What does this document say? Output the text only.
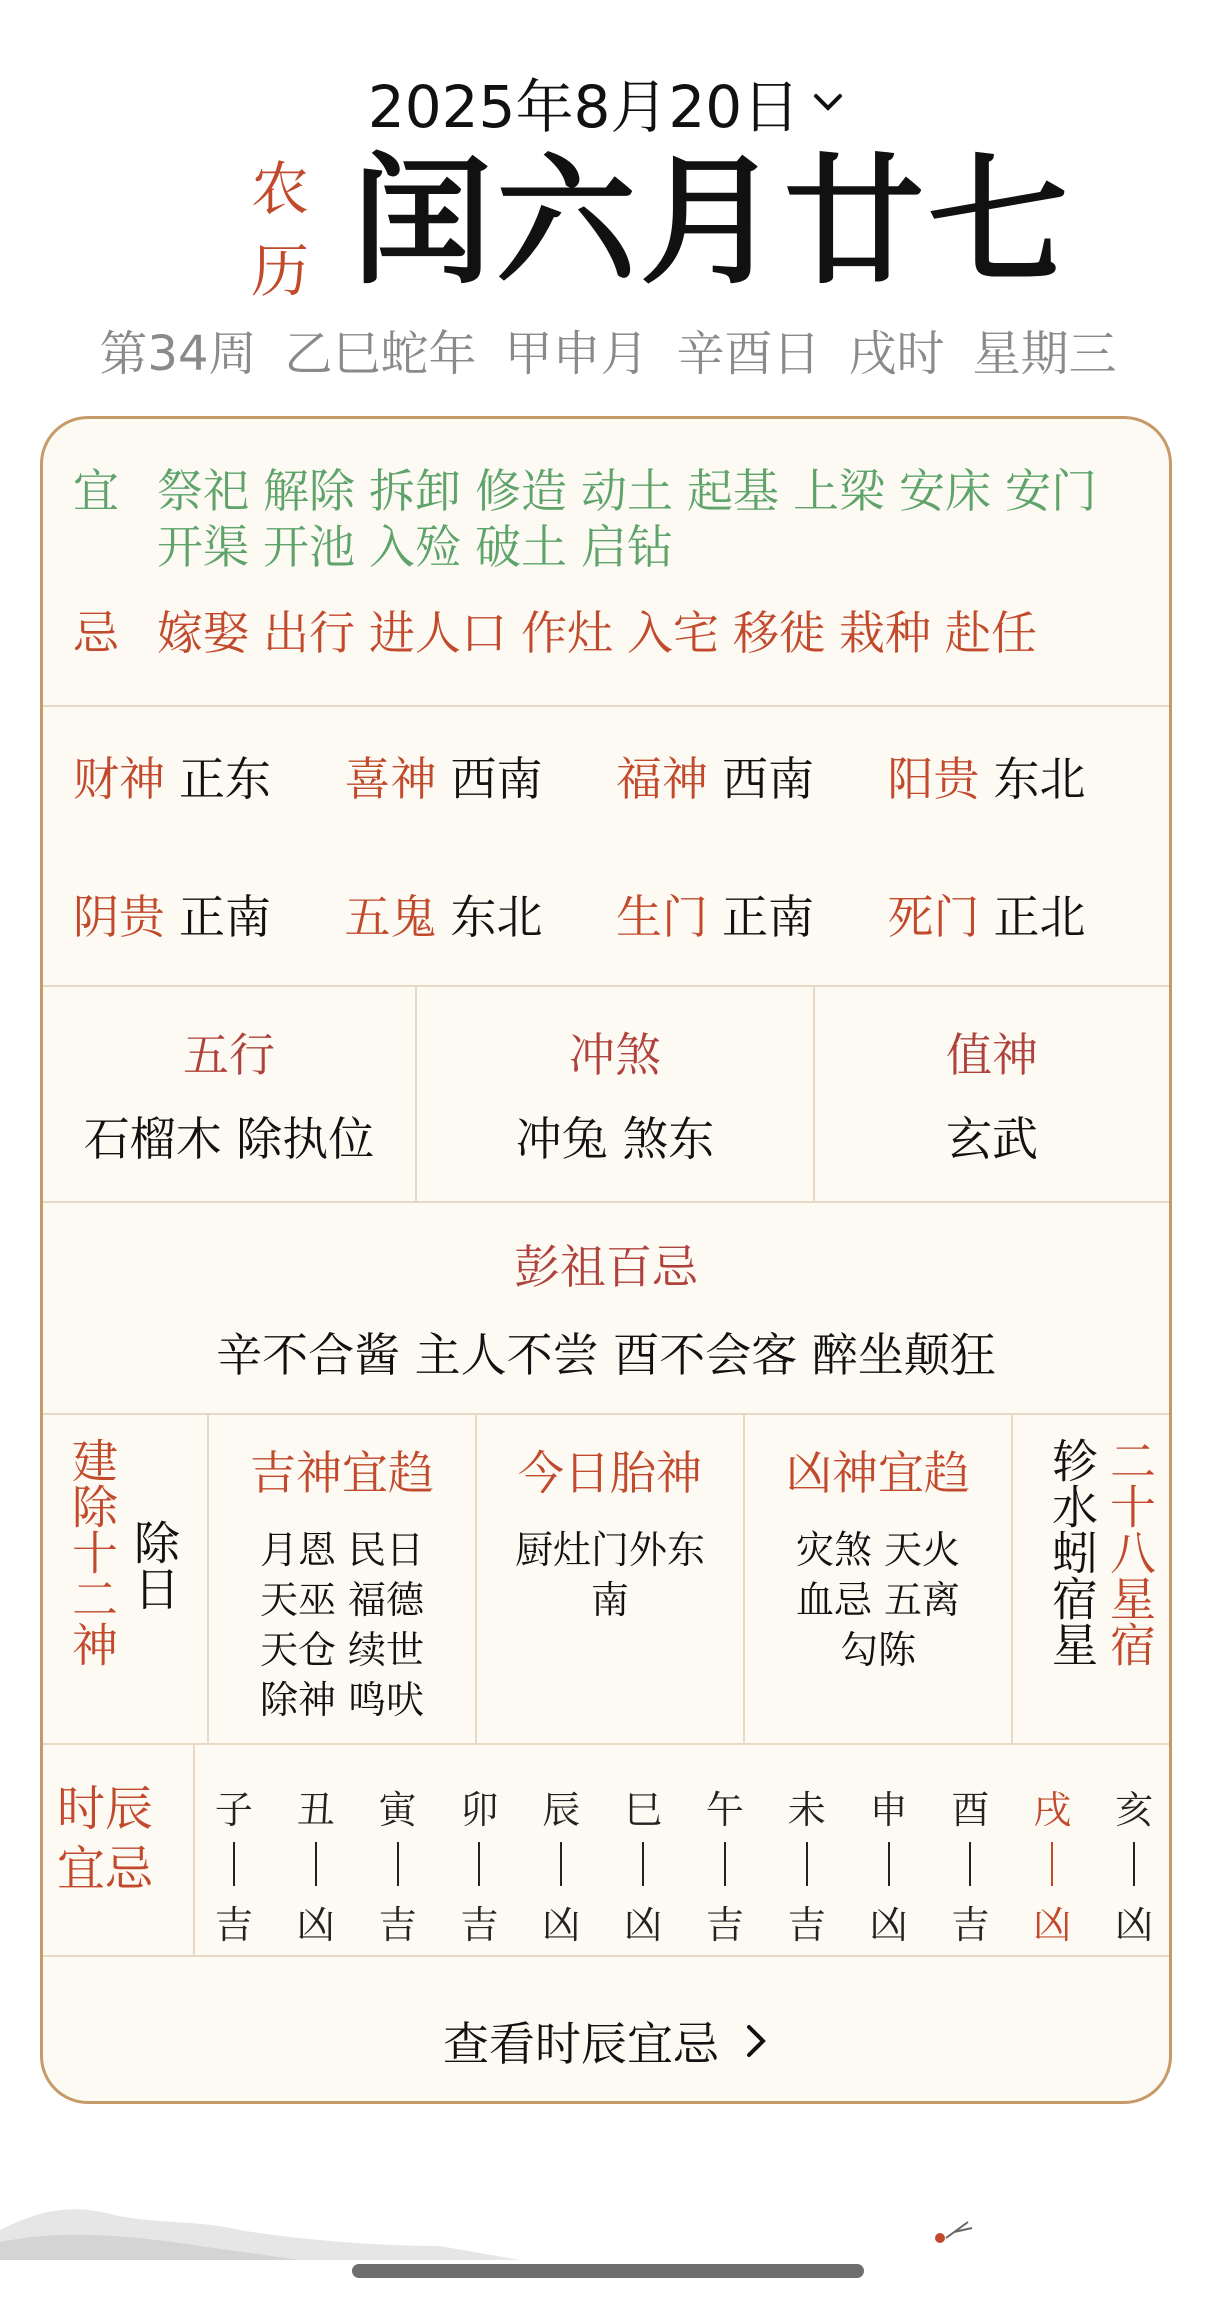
2025年8月20日
农
历 闰六月廿七
第34周 乙巳蛇年 甲申月 辛酉日 戌时 星期三
宜 祭祀 解除 拆卸 修造 动土 起基 上梁 安床 安门开渠 开池 入殓 破土 启钻
忌 嫁娶 出行 进人口 作灶 入宅 移徙 栽种 赴任
财神 正东 喜神 西南 福神 西南 阳贵 东北
阴贵 正南 五鬼 东北 生门 正南 死门 正北
五行
石榴木 除执位
冲煞
冲兔 煞东
值神
玄武
彭祖百忌
辛不合酱 主人不尝 酉不会客 醉坐颠狂
建除十二神 除日
吉神宜趋
月恩 民日
天巫 福德
天仓 续世
除神 鸣吠
今日胎神
厨灶门外东
南
凶神宜趋
灾煞 天火
血忌 五离
勾陈	轸水蚓宿星 二十八星宿
时辰宜忌
子
吉
丑
凶
寅
吉
卯
吉
辰
凶
巳
凶
午
吉
未
吉
申
凶
酉
吉
戌
凶
亥
凶
查看时辰宜忌
